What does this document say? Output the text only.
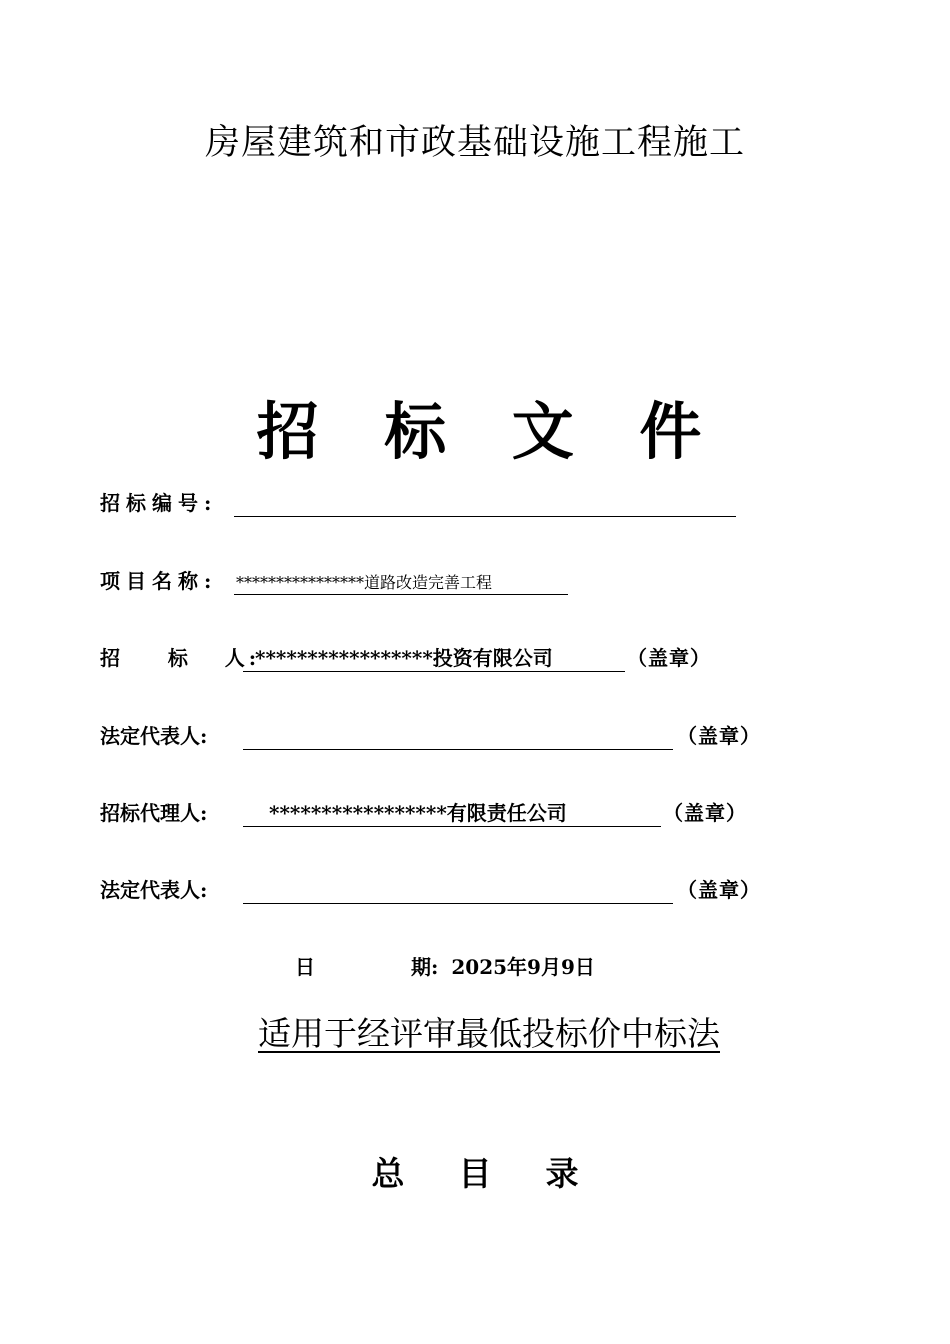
房屋建筑和市政基础设施工程施工
招 标 文 件
招标编号:
项目名称: ****************道路改造完善工程
招    标   人:
*****************投资有限公司	（盖章）
法定代表人:	（盖章）
招标代理人:	*****************有限责任公司	（盖章）
法定代表人:	（盖章）
日	期: 2025年9月9日
适用于经评审最低投标价中标法
总 目 录
